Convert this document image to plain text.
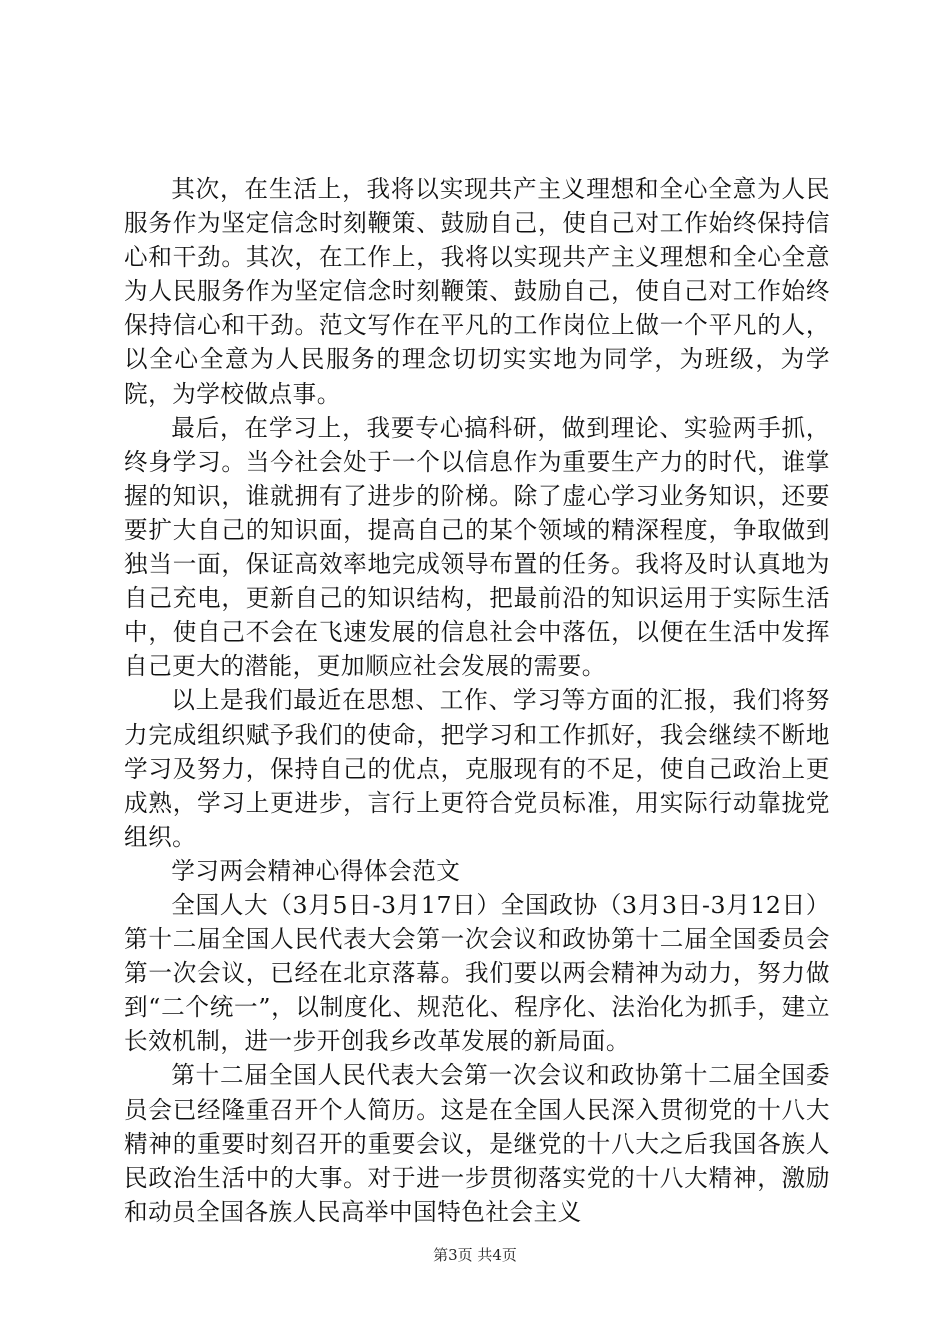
其次，在生活上，我将以实现共产主义理想和全心全意为人民服务作为坚定信念时刻鞭策、鼓励自己，使自己对工作始终保持信心和干劲。其次，在工作上，我将以实现共产主义理想和全心全意为人民服务作为坚定信念时刻鞭策、鼓励自己，使自己对工作始终保持信心和干劲。范文写作在平凡的工作岗位上做一个平凡的人，以全心全意为人民服务的理念切切实实地为同学，为班级，为学院，为学校做点事。

最后，在学习上，我要专心搞科研，做到理论、实验两手抓，终身学习。当今社会处于一个以信息作为重要生产力的时代，谁掌握的知识，谁就拥有了进步的阶梯。除了虚心学习业务知识，还要要扩大自己的知识面，提高自己的某个领域的精深程度，争取做到独当一面，保证高效率地完成领导布置的任务。我将及时认真地为自己充电，更新自己的知识结构，把最前沿的知识运用于实际生活中，使自己不会在飞速发展的信息社会中落伍，以便在生活中发挥自己更大的潜能，更加顺应社会发展的需要。

以上是我们最近在思想、工作、学习等方面的汇报，我们将努力完成组织赋予我们的使命，把学习和工作抓好，我会继续不断地学习及努力，保持自己的优点，克服现有的不足，使自己政治上更成熟，学习上更进步，言行上更符合党员标准，用实际行动靠拢党组织。

学习两会精神心得体会范文

全国人大（3月5日-3月17日）全国政协（3月3日-3月12日）第十二届全国人民代表大会第一次会议和政协第十二届全国委员会第一次会议，已经在北京落幕。我们要以两会精神为动力，努力做到“二个统一”，以制度化、规范化、程序化、法治化为抓手，建立长效机制，进一步开创我乡改革发展的新局面。

第十二届全国人民代表大会第一次会议和政协第十二届全国委员会已经隆重召开个人简历。这是在全国人民深入贯彻党的十八大精神的重要时刻召开的重要会议，是继党的十八大之后我国各族人民政治生活中的大事。对于进一步贯彻落实党的十八大精神，激励和动员全国各族人民高举中国特色社会主义

第3页 共4页
